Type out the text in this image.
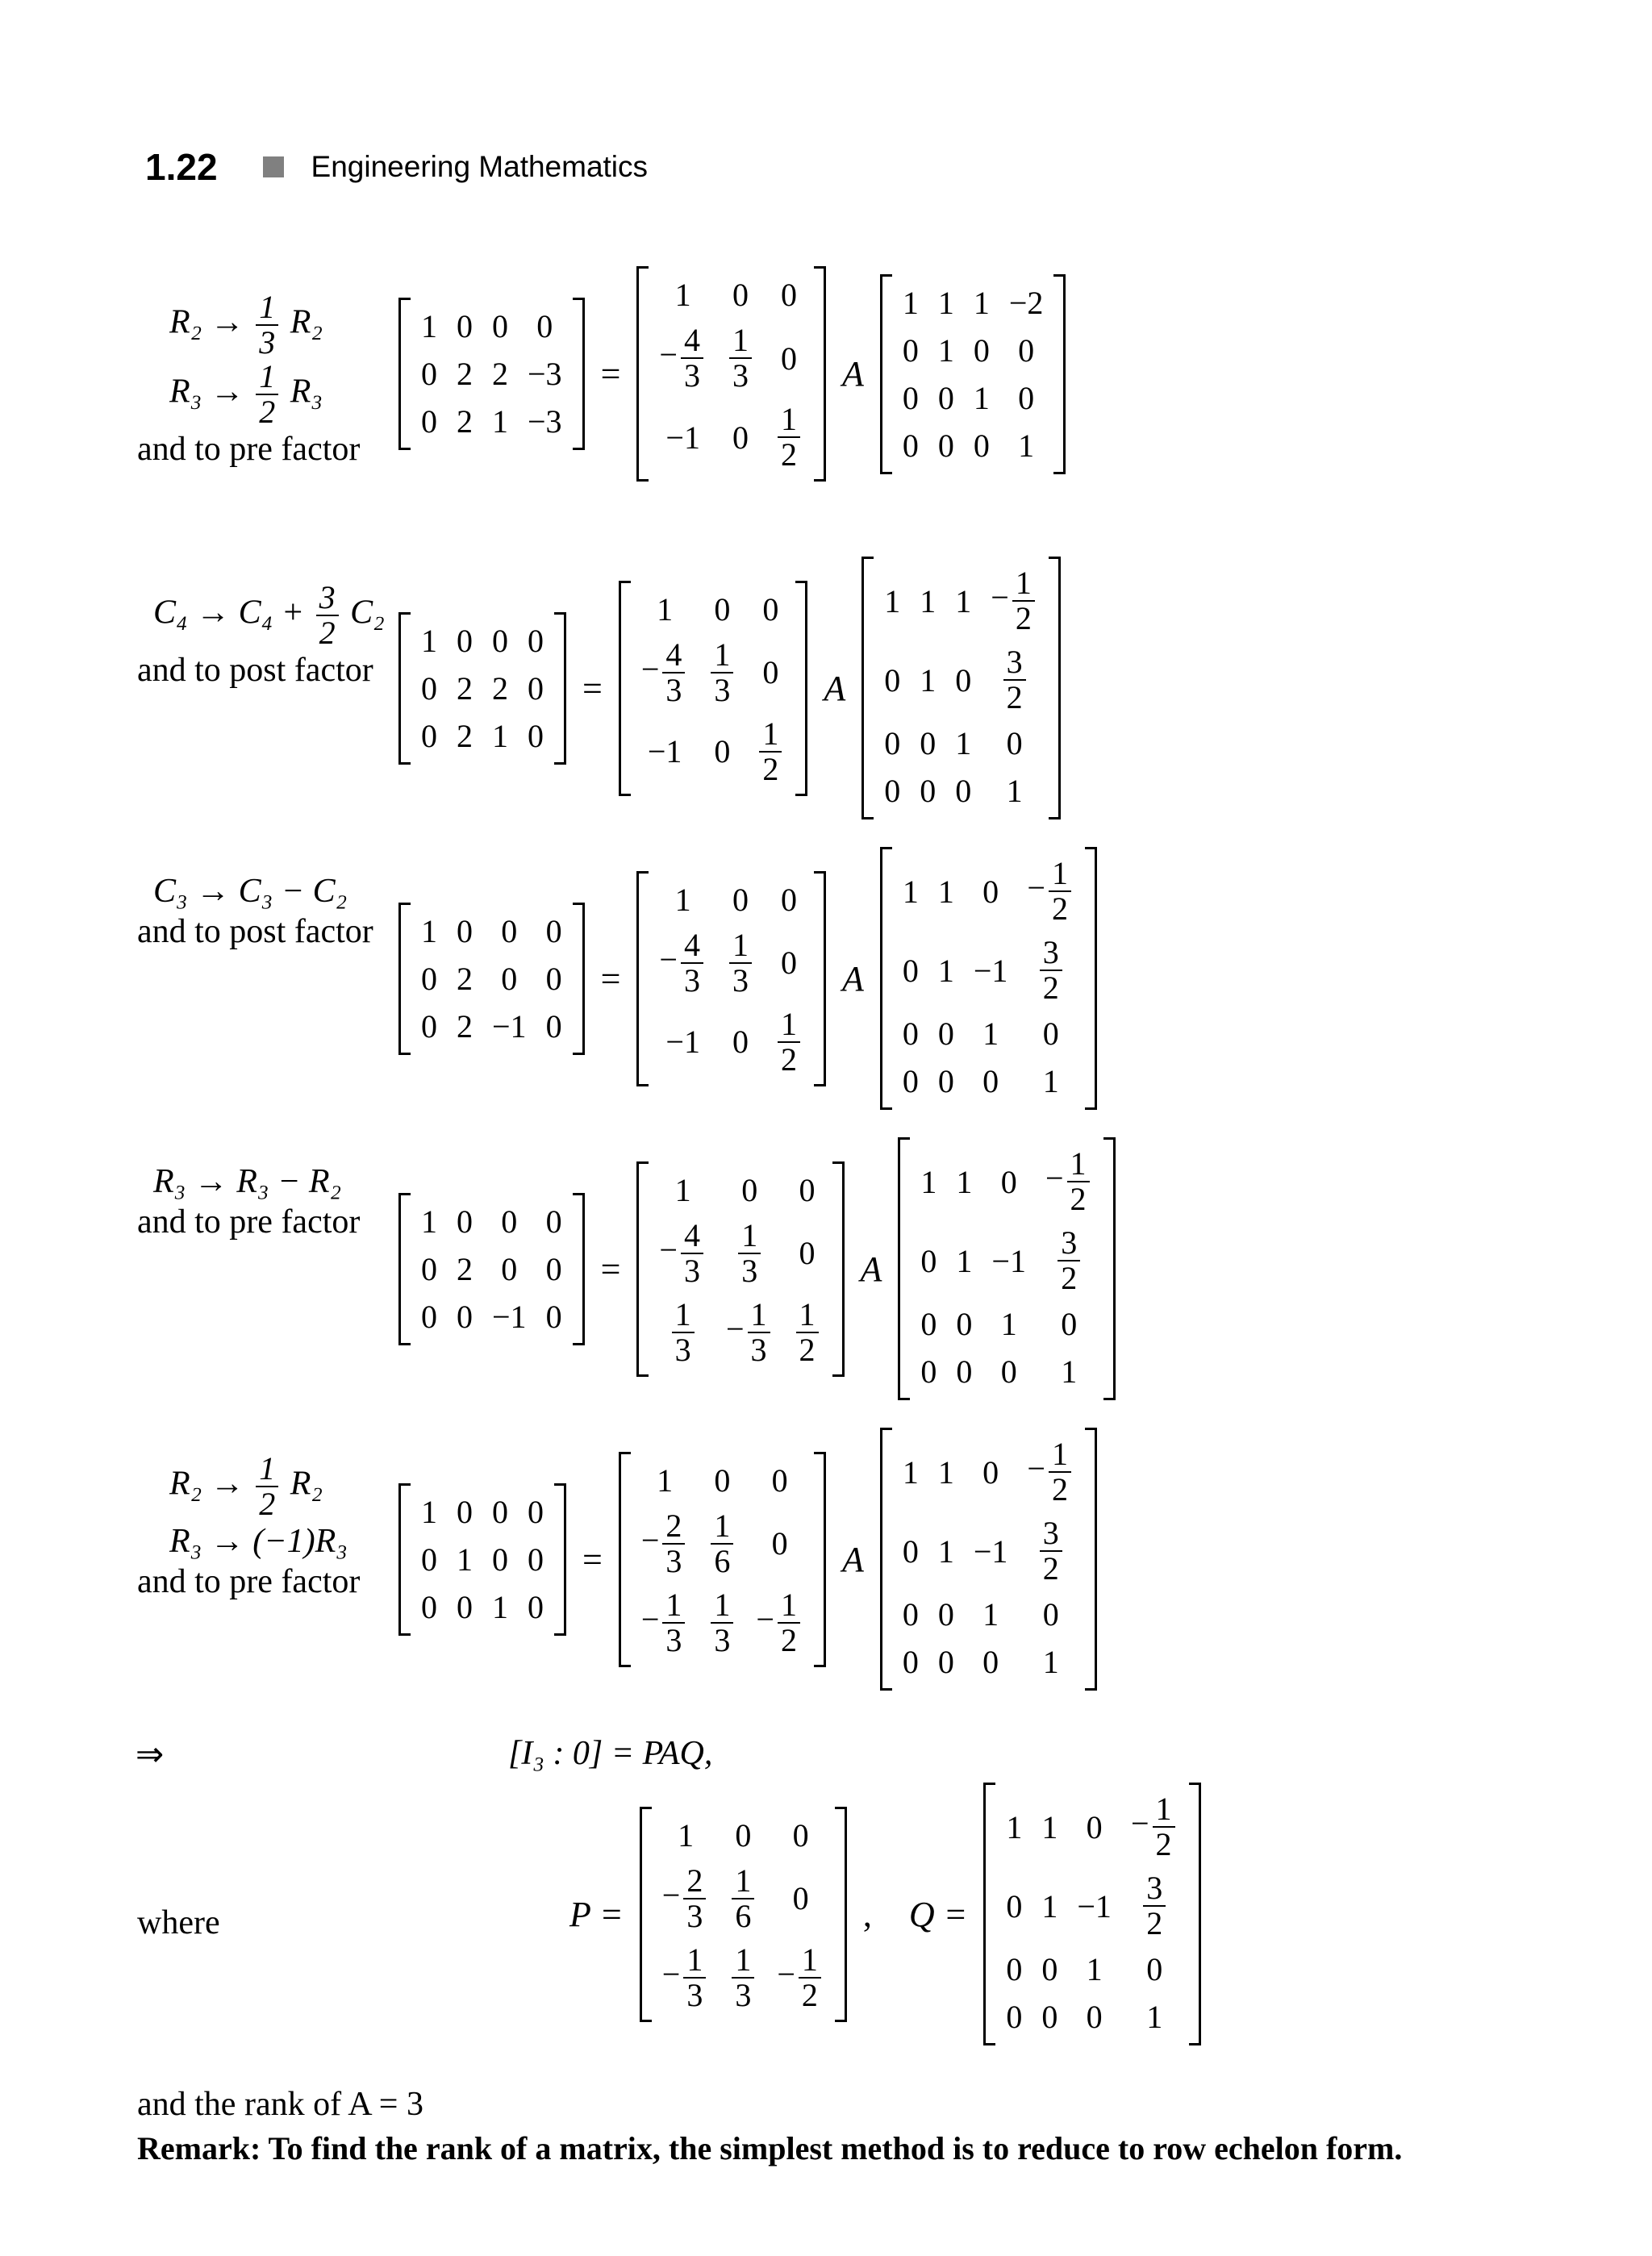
1.22	Engineering Mathematics
$R_2 \to \frac{1}{3} R_2$
$R_3 \to \frac{1}{2} R_3$
and to pre factor
1	0	0	0
0	2	2	−3
0	2	1	−3
=
1	0	0
− $\frac{4}{3}$	$\frac{1}{3}$	0
−1	0	$\frac{1}{2}$
A
1	1	1	−2
0	1	0	0
0	0	1	0
0	0	0	1
$C_4 \to C_4 + \frac{3}{2} C_2$
and to post factor
1	0	0	0
0	2	2	0
0	2	1	0
=
1	0	0
− $\frac{4}{3}$	$\frac{1}{3}$	0
−1	0	$\frac{1}{2}$
A
1	1	1	− $\frac{1}{2}$

0	1	0	$\frac{3}{2}$

0	0	1	0
0	0	0	1
C₃ → C₃ − C₂
and to post factor 1	0	0	0
0	2	0	0
0	2	−1	0
=
1	0	0
− $\frac{4}{3}$	$\frac{1}{3}$	0
−1	0	$\frac{1}{2}$
A
1	1	0	− $\frac{1}{2}$

0	1	−1	$\frac{3}{2}$

0	0	1	0
0	0	0	1
R₃ → R₃ − R₂
and to pre factor 1	0	0	0
0	2	0	0
0	0	−1	0
=
1	0	0
− $\frac{4}{3}$	$\frac{1}{3}$	0

$\frac{1}{3}$	− $\frac{1}{3}$	$\frac{1}{2}$
A
1	1	0	− $\frac{1}{2}$

0	1	−1	$\frac{3}{2}$

0	0	1	0
0	0	0	1
$R_2 \to \frac{1}{2} R_2$
R₃ → (−1)R₃
and to pre factor
1	0	0	0
0	1	0	0
0	0	1	0
=
1	0	0
− $\frac{2}{3}$	$\frac{1}{6}$	0
− $\frac{1}{3}$	$\frac{1}{3}$	− $\frac{1}{2}$
A
1	1	0	− $\frac{1}{2}$

0	1	−1	$\frac{3}{2}$

0	0	1	0
0	0	0	1
⇒	[I₃ : 0] = PAQ,
where	P =
1	0	0
− $\frac{2}{3}$	$\frac{1}{6}$	0
− $\frac{1}{3}$	$\frac{1}{3}$	− $\frac{1}{2}$
, Q =
1	1	0	− $\frac{1}{2}$

0	1	−1	$\frac{3}{2}$

0	0	1	0
0	0	0	1
and the rank of A = 3
Remark: To find the rank of a matrix, the simplest method is to reduce to row echelon form.
